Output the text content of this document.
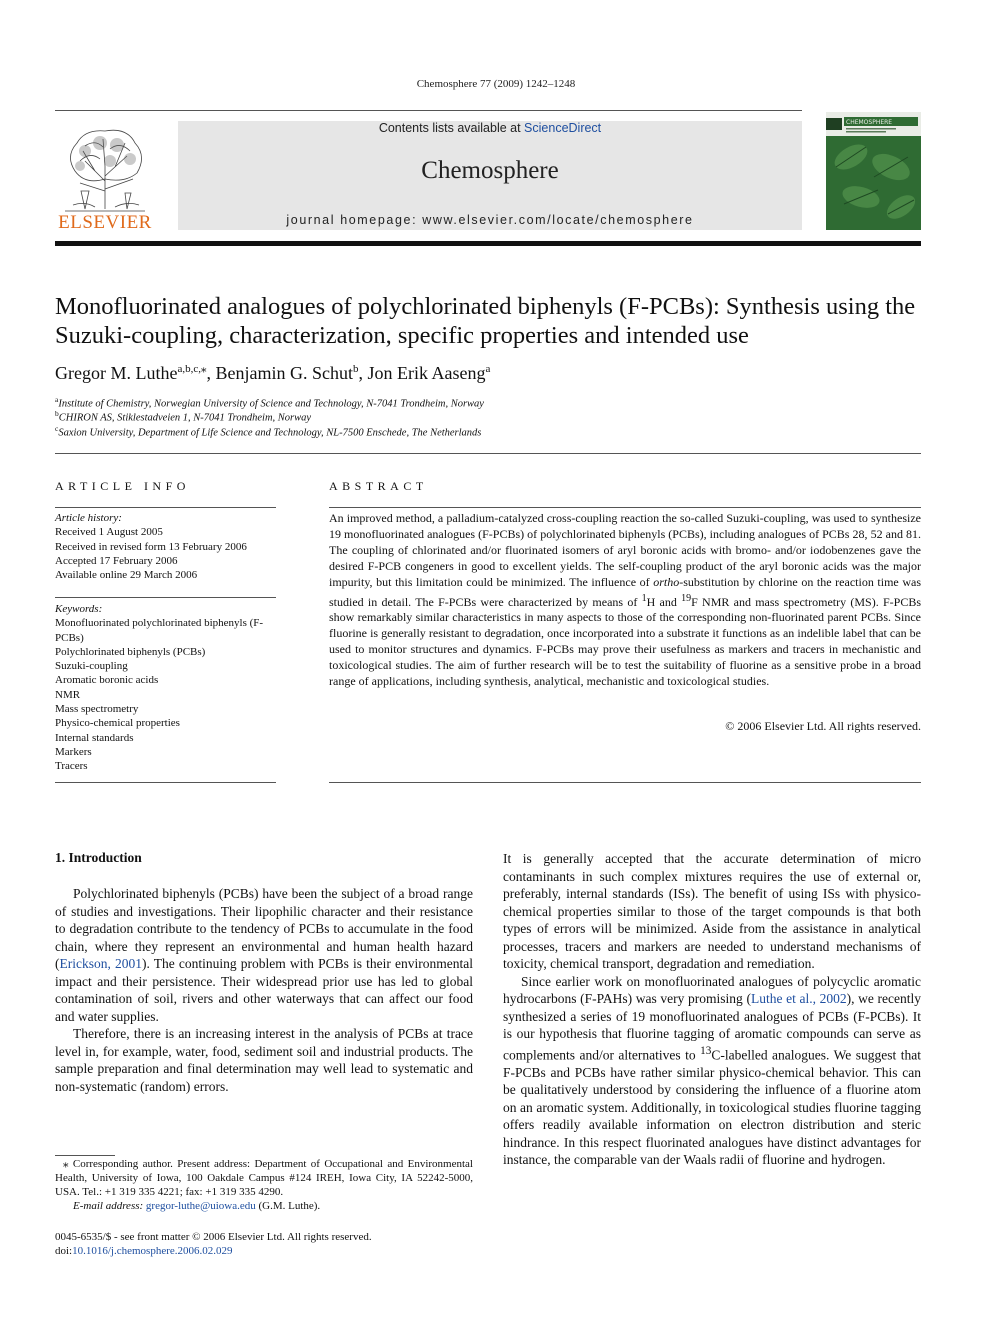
Chemosphere 77 (2009) 1242–1248
ELSEVIER
Contents lists available at ScienceDirect
Chemosphere
journal homepage: www.elsevier.com/locate/chemosphere
CHEMOSPHERE
Monofluorinated analogues of polychlorinated biphenyls (F-PCBs): Synthesis using the Suzuki-coupling, characterization, specific properties and intended use
Gregor M. Luthe$^{a,b,c,⁎}$, Benjamin G. Schut$^b$, Jon Erik Aaseng$^a$
$^a$Institute of Chemistry, Norwegian University of Science and Technology, N-7041 Trondheim, Norway
$^b$CHIRON AS, Stiklestadveien 1, N-7041 Trondheim, Norway
$^c$Saxion University, Department of Life Science and Technology, NL-7500 Enschede, The Netherlands
ARTICLE INFO
Article history:
Received 1 August 2005
Received in revised form 13 February 2006
Accepted 17 February 2006
Available online 29 March 2006
Keywords:
Monofluorinated polychlorinated biphenyls (F-PCBs)
Polychlorinated biphenyls (PCBs)
Suzuki-coupling
Aromatic boronic acids
NMR
Mass spectrometry
Physico-chemical properties
Internal standards
Markers
Tracers
ABSTRACT
An improved method, a palladium-catalyzed cross-coupling reaction the so-called Suzuki-coupling, was used to synthesize 19 monofluorinated analogues (F-PCBs) of polychlorinated biphenyls (PCBs), including analogues of PCBs 28, 52 and 81. The coupling of chlorinated and/or fluorinated isomers of aryl boronic acids with bromo- and/or iodobenzenes gave the desired F-PCB congeners in good to excellent yields. The self-coupling product of the aryl boronic acids was the major impurity, but this limitation could be minimized. The influence of ortho-substitution by chlorine on the reaction time was studied in detail. The F-PCBs were characterized by means of $^1$H and $^{19}$F NMR and mass spectrometry (MS). F-PCBs show remarkably similar characteristics in many aspects to those of the corresponding non-fluorinated parent PCBs. Since fluorine is generally resistant to degradation, once incorporated into a substrate it functions as an indelible label that can be used to monitor structures and dynamics. F-PCBs may prove their usefulness as markers and tracers in mechanistic and toxicological studies. The aim of further research will be to test the suitability of fluorine as a sensitive probe in a broad range of applications, including synthesis, analytical, mechanistic and toxicological studies.
© 2006 Elsevier Ltd. All rights reserved.
1. Introduction

Polychlorinated biphenyls (PCBs) have been the subject of a broad range of studies and investigations. Their lipophilic character and their resistance to degradation contribute to the tendency of PCBs to accumulate in the food chain, where they represent an environmental and human health hazard (Erickson, 2001). The continuing problem with PCBs is their environmental impact and their persistence. Their widespread prior use has led to global contamination of soil, rivers and other waterways that can affect our food and water supplies.

Therefore, there is an increasing interest in the analysis of PCBs at trace level in, for example, water, food, sediment soil and industrial products. The sample preparation and final determination may well lead to systematic and non-systematic (random) errors.

It is generally accepted that the accurate determination of micro contaminants in such complex mixtures requires the use of external or, preferably, internal standards (ISs). The benefit of using ISs with physico-chemical properties similar to those of the target compounds is that both types of errors will be minimized. Aside from the assistance in analytical processes, tracers and markers are needed to understand mechanisms of toxicity, chemical transport, degradation and remediation.

Since earlier work on monofluorinated analogues of polycyclic aromatic hydrocarbons (F-PAHs) was very promising (Luthe et al., 2002), we recently synthesized a series of 19 monofluorinated analogues of PCBs (F-PCBs). It is our hypothesis that fluorine tagging of aromatic compounds can serve as complements and/or alternatives to $^{13}$C-labelled analogues. We suggest that F-PCBs and PCBs have rather similar physico-chemical behavior. This can be qualitatively understood by considering the influence of a fluorine atom on an aromatic system. Additionally, in toxicological studies fluorine tagging offers readily available information on electron distribution and steric hindrance. In this respect fluorinated analogues have distinct advantages for instance, the comparable van der Waals radii of fluorine and hydrogen.

⁎ Corresponding author. Present address: Department of Occupational and Environmental Health, University of Iowa, 100 Oakdale Campus #124 IREH, Iowa City, IA 52242-5000, USA. Tel.: +1 319 335 4221; fax: +1 319 335 4290.
E-mail address: gregor-luthe@uiowa.edu (G.M. Luthe).
0045-6535/$ - see front matter © 2006 Elsevier Ltd. All rights reserved.
doi:10.1016/j.chemosphere.2006.02.029
